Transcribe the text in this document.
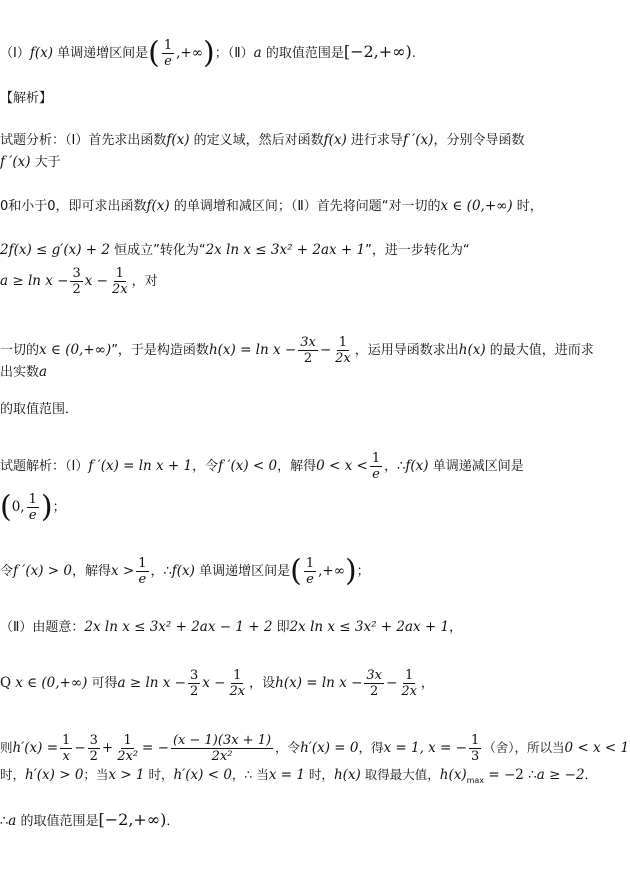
（Ⅰ）f(x) 单调递增区间是( $\frac{1}{e}$ ,+∞)；（Ⅱ）a 的取值范围是[−2,+∞).
【解析】
试题分析：（Ⅰ）首先求出函数f(x) 的定义域，然后对函数f(x) 进行求导f ′(x)，分别令导函数
f ′(x) 大于
0和小于0，即可求出函数f(x) 的单调增和减区间；（Ⅱ）首先将问题“对一切的x ∈ (0,+∞) 时，
2f(x) ≤ g′(x) + 2 恒成立”转化为“2x ln x ≤ 3x² + 2ax + 1”，进一步转化为“
$a \ge \ln x - \frac{3}{2}$ $x - \frac{1}{2x}$ ，对
一切的x ∈ (0,+∞)”，于是构造函数$h(x) = \ln x - \frac{3x}{2} - \frac{1}{2x}$ ，运用导函数求出h(x) 的最大值，进而求
出实数a
的取值范围．
试题解析：（Ⅰ）f ′(x) = ln x + 1，令f ′(x) < 0，解得$0 < x < \frac{1}{e}$ ，∴f(x) 单调递减区间是
(0, $\frac{1}{e}$ )；
令f ′(x) > 0，解得$x > \frac{1}{e}$ ，∴f(x) 单调递增区间是( $\frac{1}{e}$ ,+∞)；
（Ⅱ）由题意：2x ln x ≤ 3x² + 2ax − 1 + 2 即2x ln x ≤ 3x² + 2ax + 1，
Q x ∈ (0,+∞) 可得$a \ge \ln x - \frac{3}{2}$ $x - \frac{1}{2x}$ ，设$h(x) = \ln x - \frac{3x}{2} - \frac{1}{2x}$ ，
则$h'(x) = \frac{1}{x} - \frac{3}{2} + \frac{1}{\text{2x²}}$ = − $\frac{(x - 1)(3x + 1)}{\text{2x²}}$ ，令h′(x) = 0，得x = 1, x = − $\frac{1}{3}$ （舍），所以当0 < x < 1
时，h′(x) > 0；当x > 1 时，h′(x) < 0，∴ 当x = 1 时，h(x) 取得最大值，$h(x)_{max} = -2$ ∴a ≥ −2．
∴a 的取值范围是[−2,+∞)．
